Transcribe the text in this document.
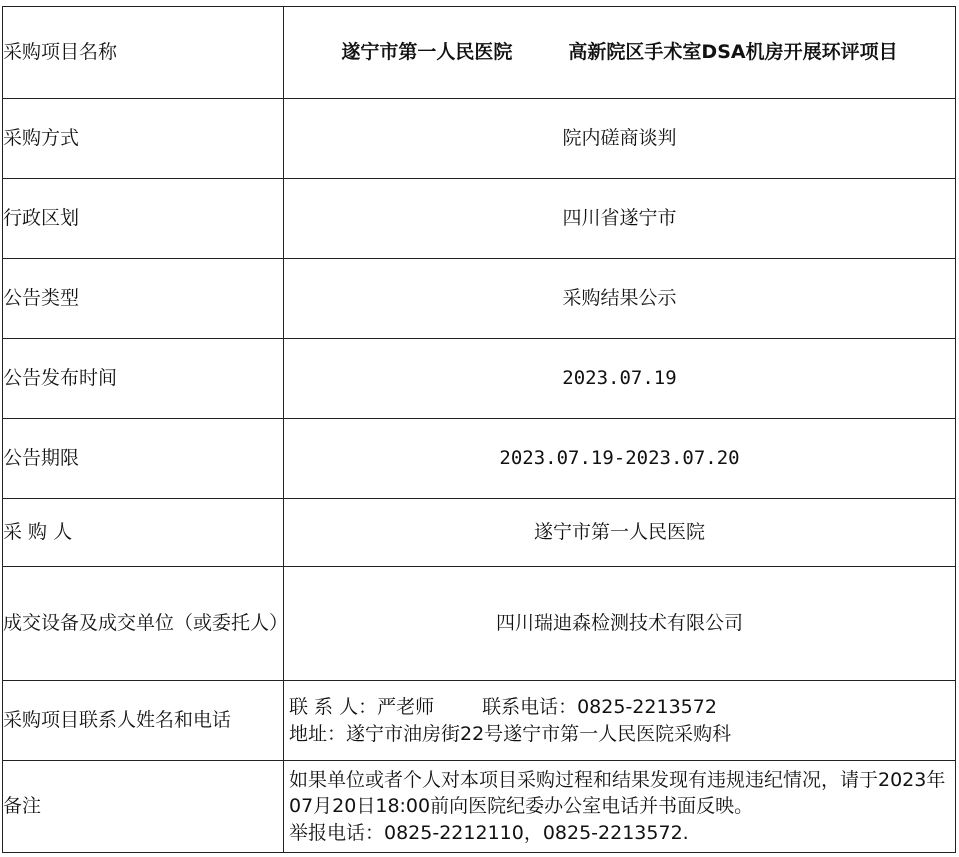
采购项目名称	遂宁市第一人民医院 高新院区手术室DSA机房开展环评项目
采购方式	院内磋商谈判
行政区划	四川省遂宁市
公告类型	采购结果公示
公告发布时间	2023.07.19
公告期限	2023.07.19-2023.07.20
采 购 人	遂宁市第一人民医院
成交设备及成交单位（或委托人）	四川瑞迪森检测技术有限公司
采购项目联系人姓名和电话	联 系 人：严老师 联系电话：0825-2213572
地址：遂宁市油房街22号遂宁市第一人民医院采购科

备注	如果单位或者个人对本项目采购过程和结果发现有违规违纪情况，请于2023年07月20日18:00前向医院纪委办公室电话并书面反映。
举报电话：0825-2212110，0825-2213572.
